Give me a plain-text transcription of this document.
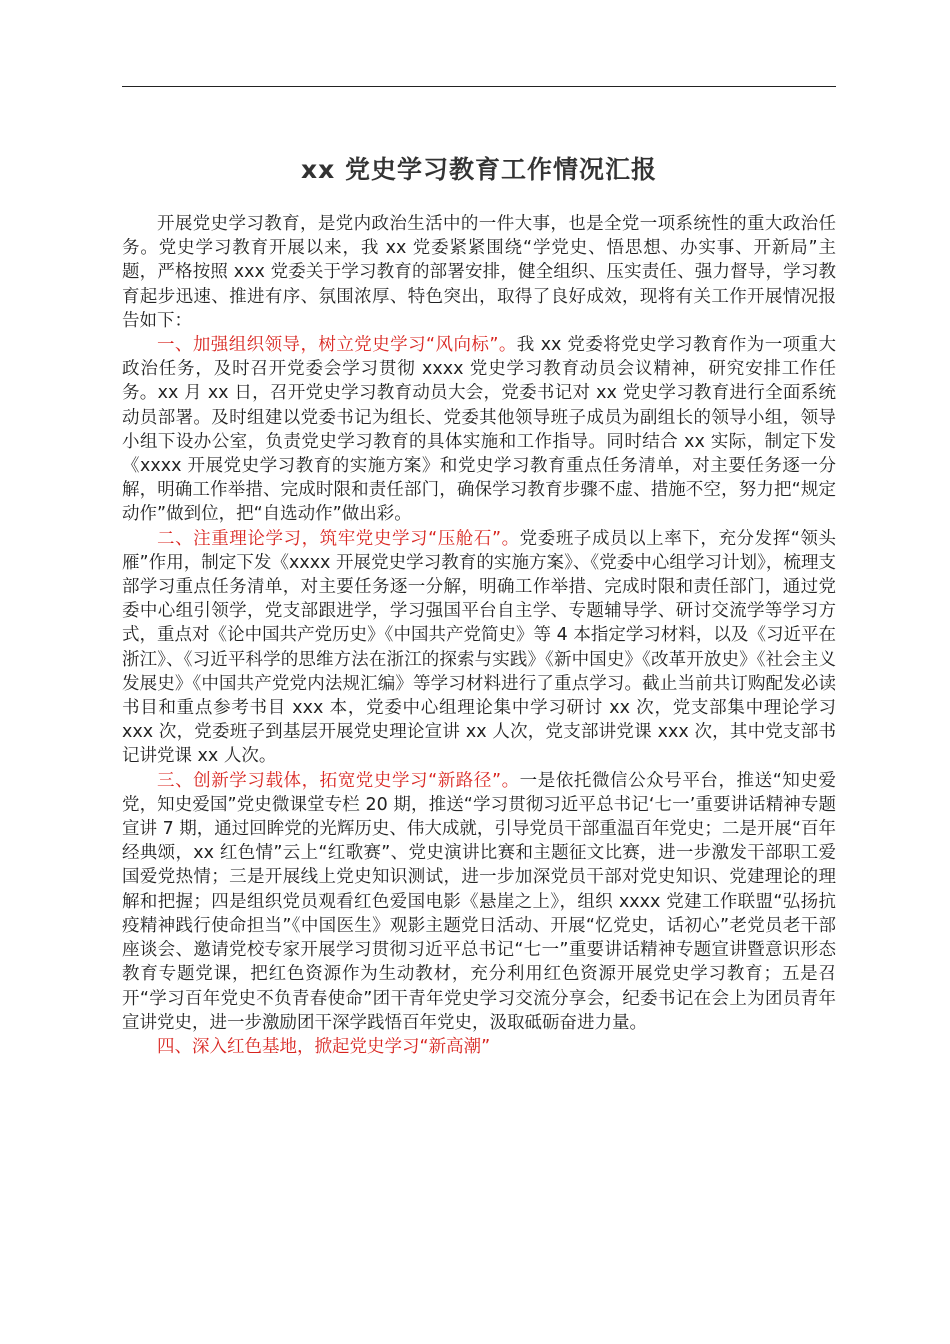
xx 党史学习教育工作情况汇报

开展党史学习教育，是党内政治生活中的一件大事，也是全党一项系统性的重大政治任务。党史学习教育开展以来，我 xx 党委紧紧围绕“学党史、悟思想、办实事、开新局”主题，严格按照 xxx 党委关于学习教育的部署安排，健全组织、压实责任、强力督导，学习教育起步迅速、推进有序、氛围浓厚、特色突出，取得了良好成效，现将有关工作开展情况报告如下：

一、加强组织领导，树立党史学习“风向标”。我 xx 党委将党史学习教育作为一项重大政治任务，及时召开党委会学习贯彻 xxxx 党史学习教育动员会议精神，研究安排工作任务。xx 月 xx 日，召开党史学习教育动员大会，党委书记对 xx 党史学习教育进行全面系统动员部署。及时组建以党委书记为组长、党委其他领导班子成员为副组长的领导小组，领导小组下设办公室，负责党史学习教育的具体实施和工作指导。同时结合 xx 实际，制定下发《xxxx 开展党史学习教育的实施方案》和党史学习教育重点任务清单，对主要任务逐一分解，明确工作举措、完成时限和责任部门，确保学习教育步骤不虚、措施不空，努力把“规定动作”做到位，把“自选动作”做出彩。

二、注重理论学习，筑牢党史学习“压舱石”。党委班子成员以上率下，充分发挥“领头雁”作用，制定下发《xxxx 开展党史学习教育的实施方案》、《党委中心组学习计划》，梳理支部学习重点任务清单，对主要任务逐一分解，明确工作举措、完成时限和责任部门，通过党委中心组引领学，党支部跟进学，学习强国平台自主学、专题辅导学、研讨交流学等学习方式，重点对《论中国共产党历史》《中国共产党简史》等 4 本指定学习材料，以及《习近平在浙江》、《习近平科学的思维方法在浙江的探索与实践》《新中国史》《改革开放史》《社会主义发展史》《中国共产党党内法规汇编》等学习材料进行了重点学习。截止当前共订购配发必读书目和重点参考书目 xxx 本，党委中心组理论集中学习研讨 xx 次，党支部集中理论学习 xxx 次，党委班子到基层开展党史理论宣讲 xx 人次，党支部讲党课 xxx 次，其中党支部书记讲党课 xx 人次。

三、创新学习载体，拓宽党史学习“新路径”。一是依托微信公众号平台，推送“知史爱党，知史爱国”党史微课堂专栏 20 期，推送“学习贯彻习近平总书记‘七一’重要讲话精神专题宣讲 7 期，通过回眸党的光辉历史、伟大成就，引导党员干部重温百年党史；二是开展“百年经典颂，xx 红色情”云上“红歌赛”、党史演讲比赛和主题征文比赛，进一步激发干部职工爱国爱党热情；三是开展线上党史知识测试，进一步加深党员干部对党史知识、党建理论的理解和把握；四是组织党员观看红色爱国电影《悬崖之上》，组织 xxxx 党建工作联盟“弘扬抗疫精神践行使命担当”《中国医生》观影主题党日活动、开展“忆党史，话初心”老党员老干部座谈会、邀请党校专家开展学习贯彻习近平总书记“七一”重要讲话精神专题宣讲暨意识形态教育专题党课，把红色资源作为生动教材，充分利用红色资源开展党史学习教育；五是召开“学习百年党史不负青春使命”团干青年党史学习交流分享会，纪委书记在会上为团员青年宣讲党史，进一步激励团干深学践悟百年党史，汲取砥砺奋进力量。

四、深入红色基地，掀起党史学习“新高潮”
